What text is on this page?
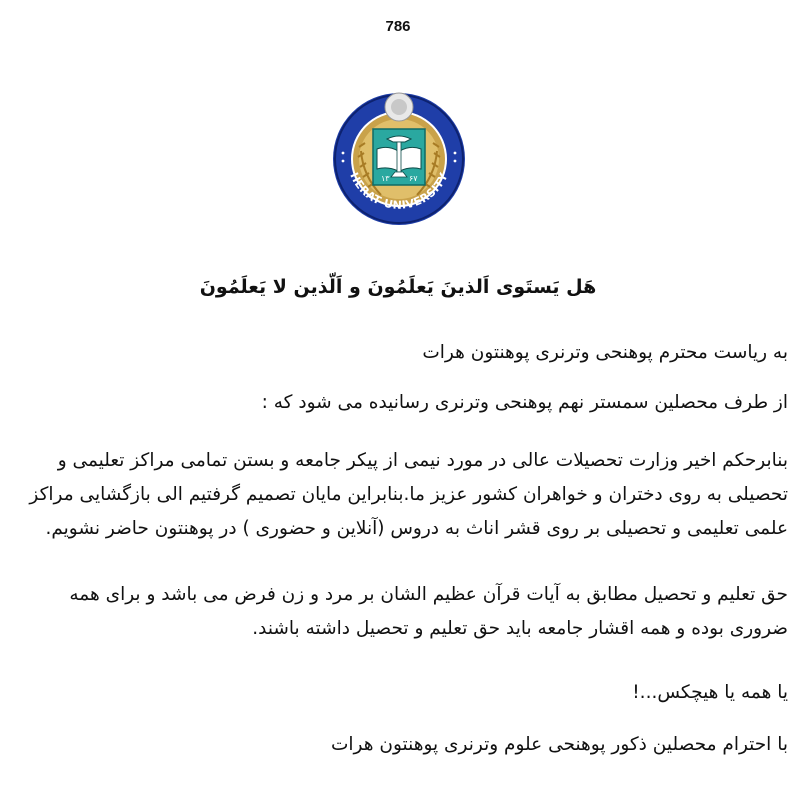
786
۱۳ ۶۷
HERAT UNIVERSITY
هَل یَستَوی اَلذینَ یَعلَمُونَ و اَلّذین لا یَعلَمُونَ
به ریاست محترم پوهنحی وترنری پوهنتون هرات
از طرف محصلین سمستر نهم پوهنحی وترنری رسانیده می شود که :
بنابرحکم اخیر وزارت تحصیلات عالی در مورد نیمی از پیکر جامعه و بستن تمامی مراکز تعلیمی و
تحصیلی به روی دختران و خواهران کشور عزیز ما.بنابراین مایان تصمیم گرفتیم الی بازگشایی مراکز
علمی تعلیمی و تحصیلی بر روی قشر اناث به دروس (آنلاین و حضوری ) در پوهنتون حاضر نشویم.
حق تعلیم و تحصیل مطابق به آیات قرآن عظیم الشان بر مرد و زن فرض می باشد و برای همه
ضروری بوده و همه اقشار جامعه باید حق تعلیم و تحصیل داشته باشند.
یا همه یا هیچکس...!
با احترام محصلین ذکور پوهنحی علوم وترنری پوهنتون هرات
